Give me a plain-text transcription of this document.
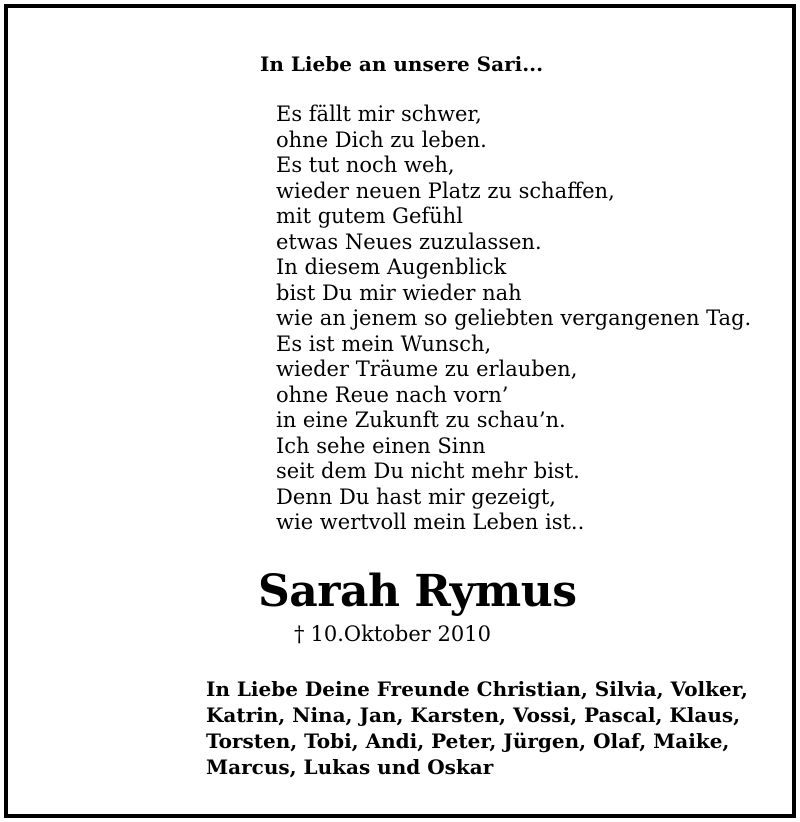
In Liebe an unsere Sari...
Es fällt mir schwer,
ohne Dich zu leben.
Es tut noch weh,
wieder neuen Platz zu schaffen,
mit gutem Gefühl
etwas Neues zuzulassen.
In diesem Augenblick
bist Du mir wieder nah
wie an jenem so geliebten vergangenen Tag.
Es ist mein Wunsch,
wieder Träume zu erlauben,
ohne Reue nach vorn’
in eine Zukunft zu schau’n.
Ich sehe einen Sinn
seit dem Du nicht mehr bist.
Denn Du hast mir gezeigt,
wie wertvoll mein Leben ist..
Sarah Rymus
† 10.Oktober 2010
In Liebe Deine Freunde Christian, Silvia, Volker, Katrin, Nina, Jan, Karsten, Vossi, Pascal, Klaus, Torsten, Tobi, Andi, Peter, Jürgen, Olaf, Maike, Marcus, Lukas und Oskar
